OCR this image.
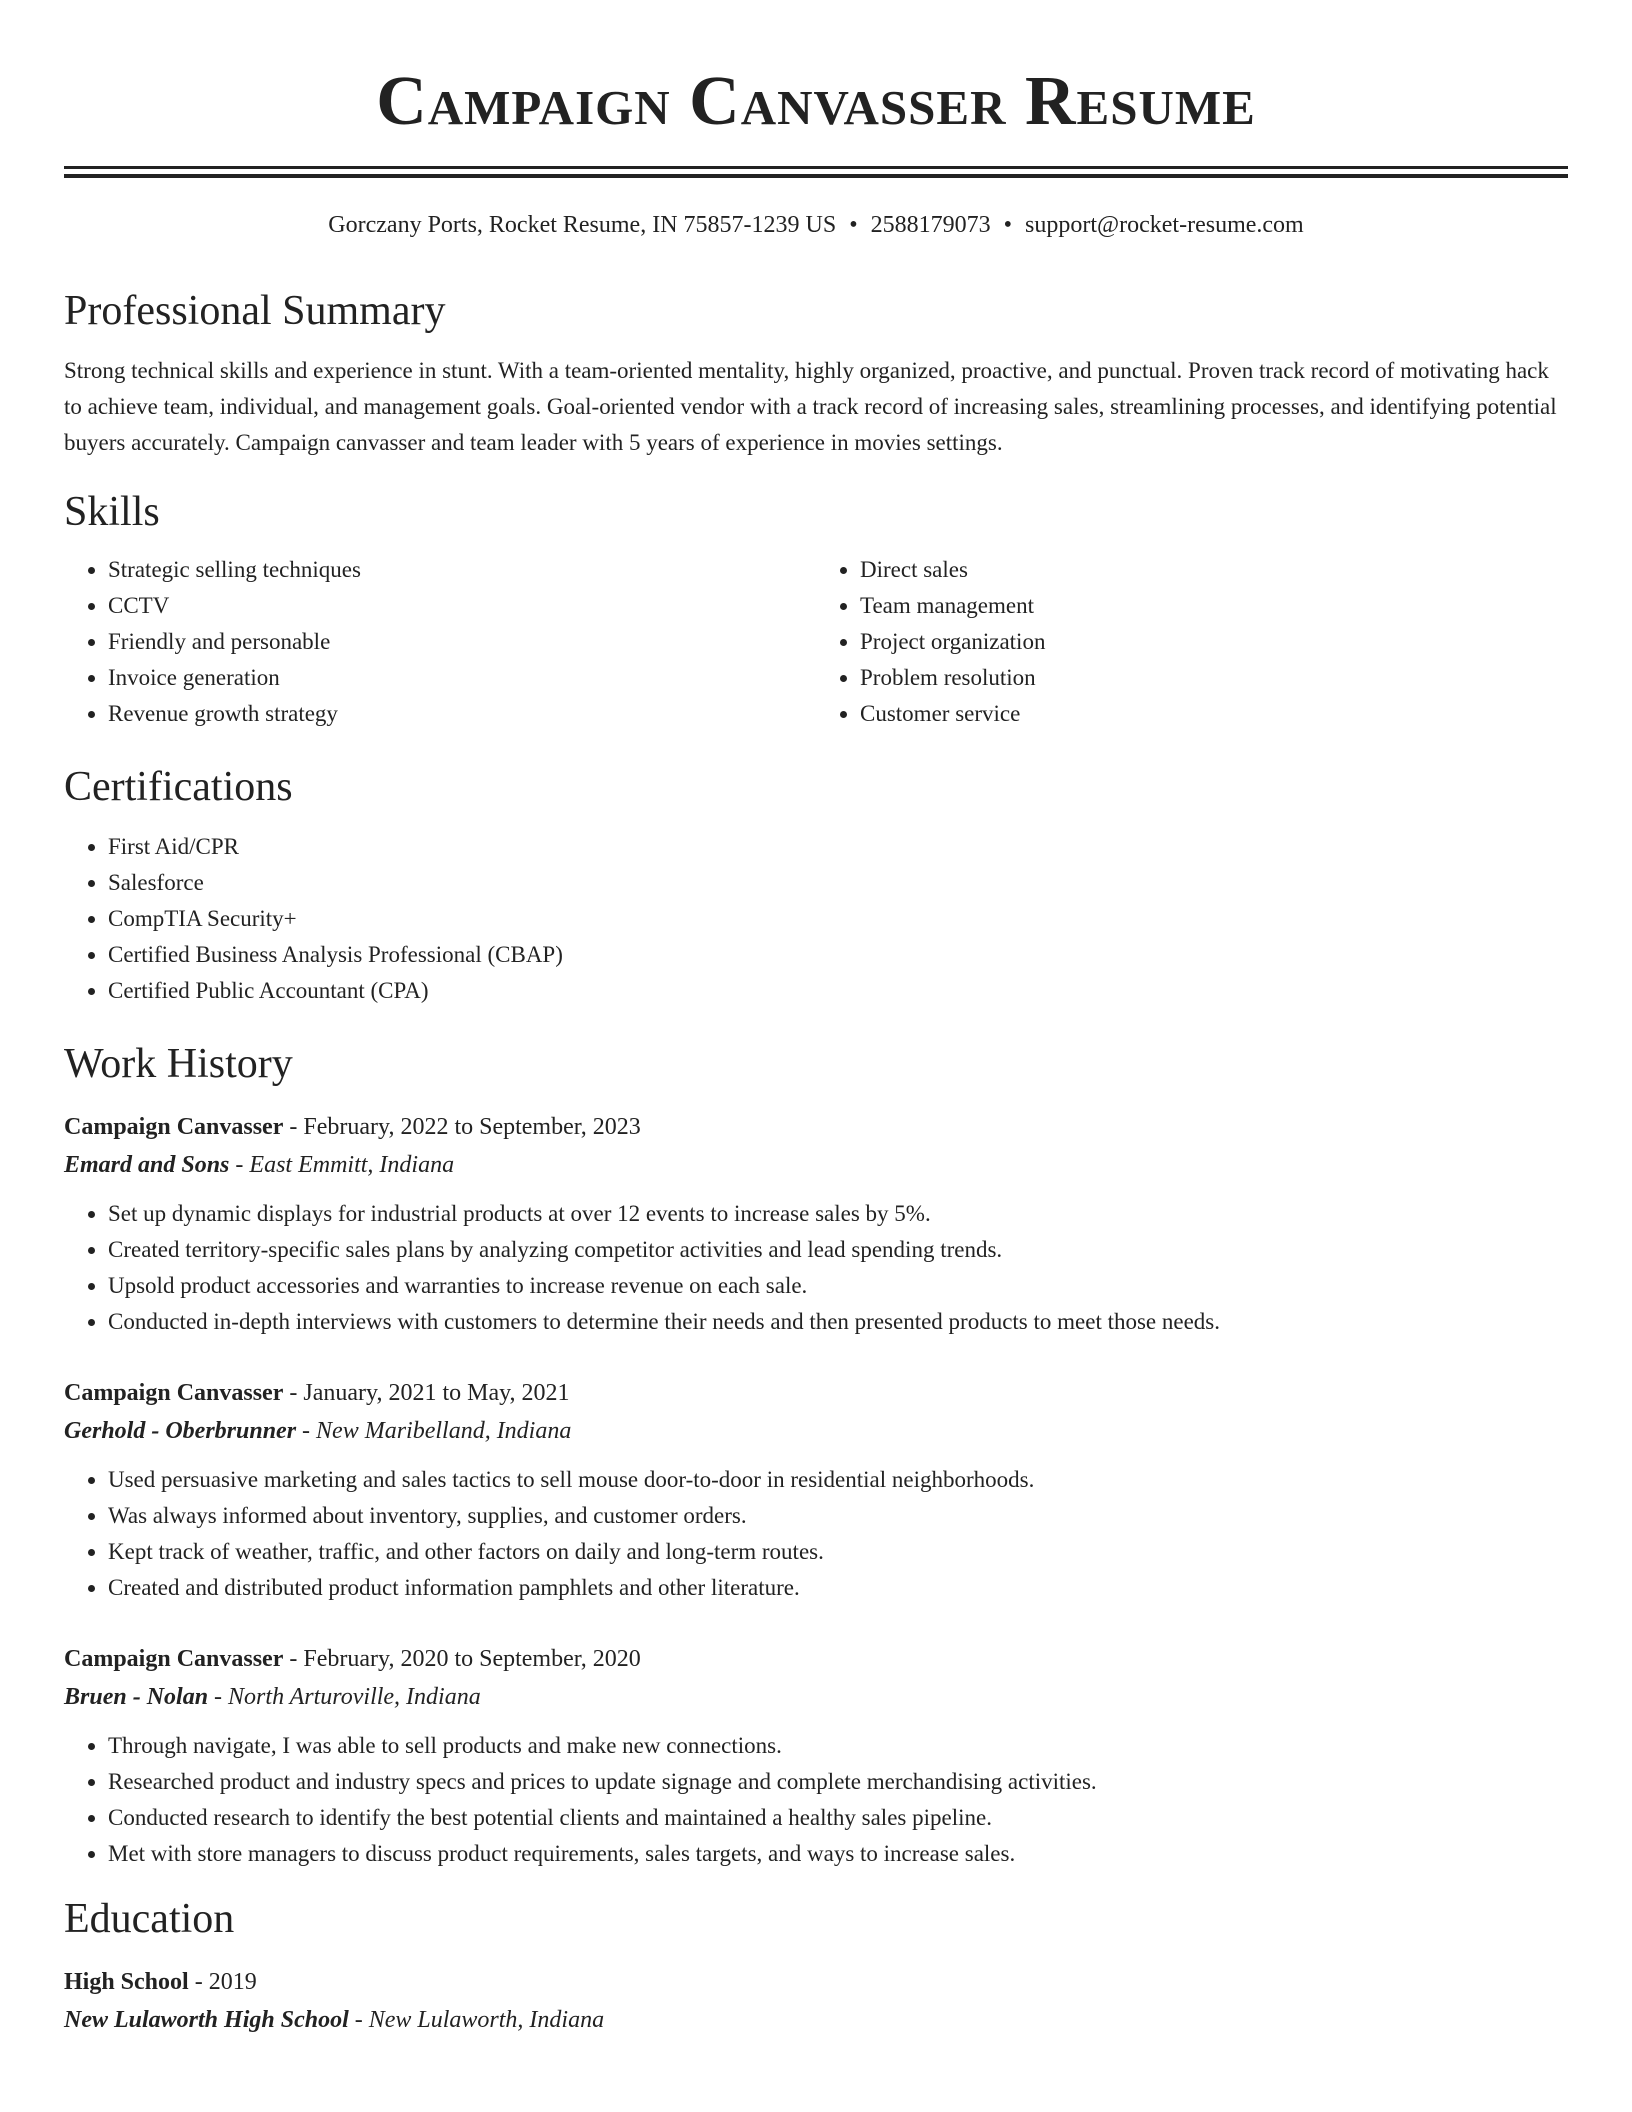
Campaign Canvasser Resume
Gorczany Ports, Rocket Resume, IN 75857-1239 US • 2588179073 • support@rocket-resume.com
Professional Summary

Strong technical skills and experience in stunt. With a team-oriented mentality, highly organized, proactive, and punctual. Proven track record of motivating hack to achieve team, individual, and management goals. Goal-oriented vendor with a track record of increasing sales, streamlining processes, and identifying potential buyers accurately. Campaign canvasser and team leader with 5 years of experience in movies settings.

Skills
• Strategic selling techniques
• CCTV
• Friendly and personable
• Invoice generation
• Revenue growth strategy
• Direct sales
• Team management
• Project organization
• Problem resolution
• Customer service
Certifications
• First Aid/CPR
• Salesforce
• CompTIA Security+
• Certified Business Analysis Professional (CBAP)
• Certified Public Accountant (CPA)
Work History
Campaign Canvasser - February, 2022 to September, 2023
Emard and Sons - East Emmitt, Indiana
• Set up dynamic displays for industrial products at over 12 events to increase sales by 5%.
• Created territory-specific sales plans by analyzing competitor activities and lead spending trends.
• Upsold product accessories and warranties to increase revenue on each sale.
• Conducted in-depth interviews with customers to determine their needs and then presented products to meet those needs.
Campaign Canvasser - January, 2021 to May, 2021
Gerhold - Oberbrunner - New Maribelland, Indiana
• Used persuasive marketing and sales tactics to sell mouse door-to-door in residential neighborhoods.
• Was always informed about inventory, supplies, and customer orders.
• Kept track of weather, traffic, and other factors on daily and long-term routes.
• Created and distributed product information pamphlets and other literature.
Campaign Canvasser - February, 2020 to September, 2020
Bruen - Nolan - North Arturoville, Indiana
• Through navigate, I was able to sell products and make new connections.
• Researched product and industry specs and prices to update signage and complete merchandising activities.
• Conducted research to identify the best potential clients and maintained a healthy sales pipeline.
• Met with store managers to discuss product requirements, sales targets, and ways to increase sales.
Education
High School - 2019
New Lulaworth High School - New Lulaworth, Indiana
